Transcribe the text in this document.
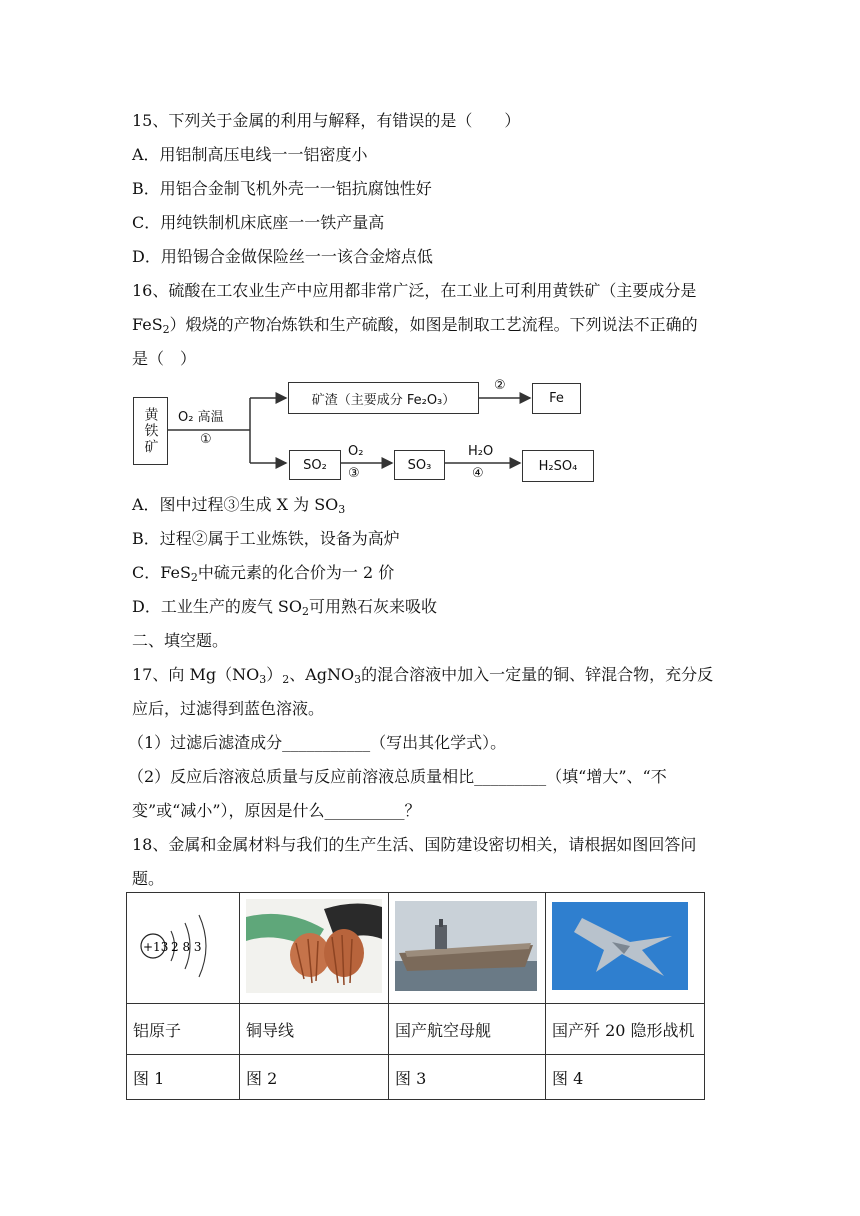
15、下列关于金属的利用与解释，有错误的是（　　）
A．用铝制高压电线一一铝密度小
B．用铝合金制飞机外壳一一铝抗腐蚀性好
C．用纯铁制机床底座一一铁产量高
D．用铅锡合金做保险丝一一该合金熔点低
16、硫酸在工农业生产中应用都非常广泛，在工业上可利用黄铁矿（主要成分是
FeS$_2$）煅烧的产物冶炼铁和生产硫酸，如图是制取工艺流程。下列说法不正确的
是（　）
黄铁矿	O₂ 高温
①
矿渣（主要成分 Fe₂O₃）
②
Fe
SO₂
O₂
③
SO₃
H₂O
④	H₂SO₄
A．图中过程③生成 X 为 $SO_3$
B．过程②属于工业炼铁，设备为高炉
C．FeS$_2$中硫元素的化合价为一 2 价
D．工业生产的废气 $SO_2$可用熟石灰来吸收
二、填空题。
17、向 $Mg(NO_3)_2$、AgNO$_3$的混合溶液中加入一定量的铜、锌混合物，充分反
应后，过滤得到蓝色溶液。
（1）过滤后滤渣成分___________（写出其化学式）。
（2）反应后溶液总质量与反应前溶液总质量相比_________（填“增大”、“不
变”或“减小”），原因是什么__________？
18、金属和金属材料与我们的生产生活、国防建设密切相关，请根据如图回答问
题。
+13 2 8 3

铝原子	铜导线	国产航空母舰	国产歼 20 隐形战机
图 1	图 2	图 3	图 4
